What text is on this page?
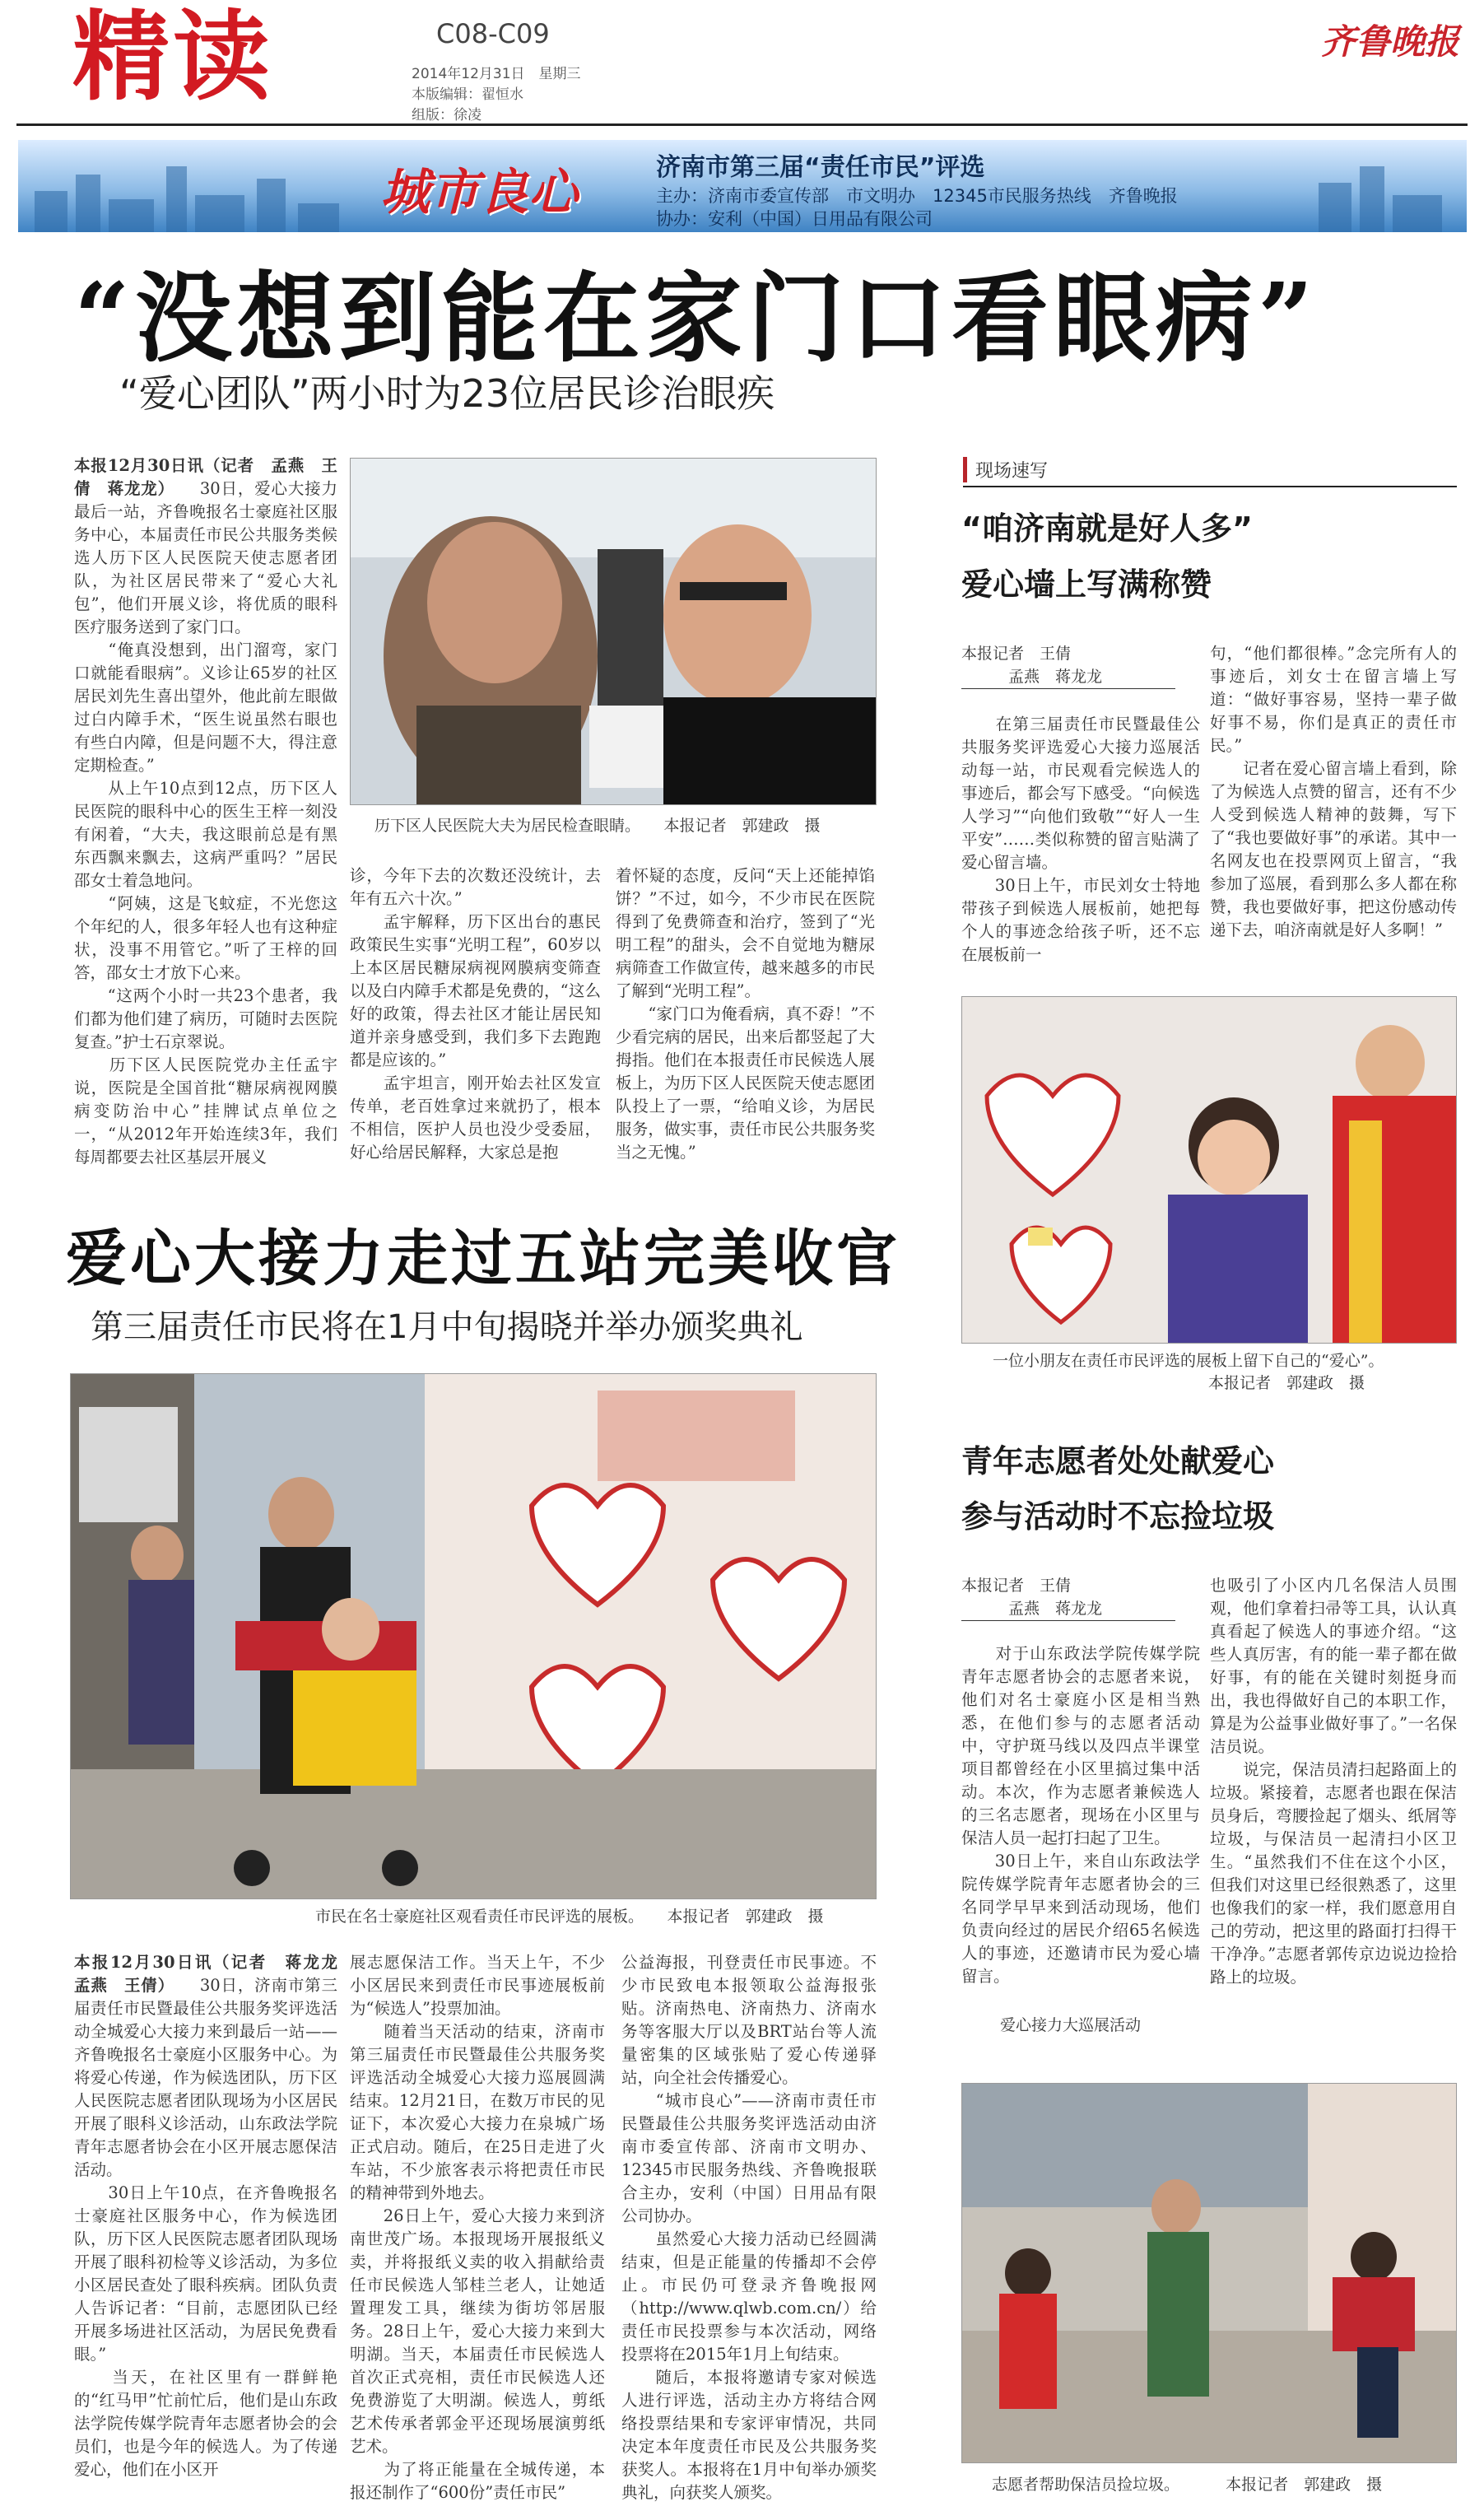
精读	C08-C09
2014年12月31日　星期三
本版编辑：翟恒水
组版：徐凌
齐鲁晚报
城市良心	济南市第三届“责任市民”评选
主办：济南市委宣传部　市文明办　12345市民服务热线　齐鲁晚报
协办：安利（中国）日用品有限公司
“没想到能在家门口看眼病”
“爱心团队”两小时为23位居民诊治眼疾
本报12月30日讯（记者　孟燕　王倩　蒋龙龙）　　30日，爱心大接力最后一站，齐鲁晚报名士豪庭社区服务中心，本届责任市民公共服务类候选人历下区人民医院天使志愿者团队，为社区居民带来了“爱心大礼包”，他们开展义诊，将优质的眼科医疗服务送到了家门口。
　　“俺真没想到，出门溜弯，家门口就能看眼病”。义诊让65岁的社区居民刘先生喜出望外，他此前左眼做过白内障手术，“医生说虽然右眼也有些白内障，但是问题不大，得注意定期检查。”
　　从上午10点到12点，历下区人民医院的眼科中心的医生王梓一刻没有闲着，“大夫，我这眼前总是有黑东西飘来飘去，这病严重吗？”居民邵女士着急地问。
　　“阿姨，这是飞蚊症，不光您这个年纪的人，很多年轻人也有这种症状，没事不用管它。”听了王梓的回答，邵女士才放下心来。
　　“这两个小时一共23个患者，我们都为他们建了病历，可随时去医院复查。”护士石京翠说。
　　历下区人民医院党办主任孟宇说，医院是全国首批“糖尿病视网膜病变防治中心”挂牌试点单位之一，“从2012年开始连续3年，我们每周都要去社区基层开展义
历下区人民医院大夫为居民检查眼睛。　　本报记者　郭建政　摄
诊，今年下去的次数还没统计，去年有五六十次。”
　　孟宇解释，历下区出台的惠民政策民生实事“光明工程”，60岁以上本区居民糖尿病视网膜病变筛查以及白内障手术都是免费的，“这么好的政策，得去社区才能让居民知道并亲身感受到，我们多下去跑跑都是应该的。”
　　孟宇坦言，刚开始去社区发宣传单，老百姓拿过来就扔了，根本不相信，医护人员也没少受委屈，好心给居民解释，大家总是抱
着怀疑的态度，反问“天上还能掉馅饼？”不过，如今，不少市民在医院得到了免费筛查和治疗，签到了“光明工程”的甜头，会不自觉地为糖尿病筛查工作做宣传，越来越多的市民了解到“光明工程”。
　　“家门口为俺看病，真不孬！”不少看完病的居民，出来后都竖起了大拇指。他们在本报责任市民候选人展板上，为历下区人民医院天使志愿团队投上了一票，“给咱义诊，为居民服务，做实事，责任市民公共服务奖当之无愧。”
爱心大接力走过五站完美收官
第三届责任市民将在1月中旬揭晓并举办颁奖典礼
市民在名士豪庭社区观看责任市民评选的展板。　　本报记者　郭建政　摄
本报12月30日讯（记者　蒋龙龙　孟燕　王倩）　　30日，济南市第三届责任市民暨最佳公共服务奖评选活动全城爱心大接力来到最后一站——齐鲁晚报名士豪庭小区服务中心。为将爱心传递，作为候选团队，历下区人民医院志愿者团队现场为小区居民开展了眼科义诊活动，山东政法学院青年志愿者协会在小区开展志愿保洁活动。
　　30日上午10点，在齐鲁晚报名士豪庭社区服务中心，作为候选团队，历下区人民医院志愿者团队现场开展了眼科初检等义诊活动，为多位小区居民查处了眼科疾病。团队负责人告诉记者：“目前，志愿团队已经开展多场进社区活动，为居民免费看眼。”
　　当天，在社区里有一群鲜艳的“红马甲”忙前忙后，他们是山东政法学院传媒学院青年志愿者协会的会员们，也是今年的候选人。为了传递爱心，他们在小区开
展志愿保洁工作。当天上午，不少小区居民来到责任市民事迹展板前为“候选人”投票加油。
　　随着当天活动的结束，济南市第三届责任市民暨最佳公共服务奖评选活动全城爱心大接力巡展圆满结束。12月21日，在数万市民的见证下，本次爱心大接力在泉城广场正式启动。随后，在25日走进了火车站，不少旅客表示将把责任市民的精神带到外地去。
　　26日上午，爱心大接力来到济南世茂广场。本报现场开展报纸义卖，并将报纸义卖的收入捐献给责任市民候选人邹桂兰老人，让她适置理发工具，继续为街坊邻居服务。28日上午，爱心大接力来到大明湖。当天，本届责任市民候选人首次正式亮相，责任市民候选人还免费游览了大明湖。候选人，剪纸艺术传承者郭金平还现场展演剪纸艺术。
　　为了将正能量在全城传递，本报还制作了“600份”责任市民”
公益海报，刊登责任市民事迹。不少市民致电本报领取公益海报张贴。济南热电、济南热力、济南水务等客服大厅以及BRT站台等人流量密集的区域张贴了爱心传递驿站，向全社会传播爱心。
　　“城市良心”——济南市责任市民暨最佳公共服务奖评选活动由济南市委宣传部、济南市文明办、12345市民服务热线、齐鲁晚报联合主办，安利（中国）日用品有限公司协办。
　　虽然爱心大接力活动已经圆满结束，但是正能量的传播却不会停止。市民仍可登录齐鲁晚报网（http://www.qlwb.com.cn/）给责任市民投票参与本次活动，网络投票将在2015年1月上旬结束。
　　随后，本报将邀请专家对候选人进行评选，活动主办方将结合网络投票结果和专家评审情况，共同决定本年度责任市民及公共服务奖获奖人。本报将在1月中旬举办颁奖典礼，向获奖人颁奖。
现场速写
“咱济南就是好人多”
爱心墙上写满称赞
本报记者　王倩
　　　孟燕　蒋龙龙
　　在第三届责任市民暨最佳公共服务奖评选爱心大接力巡展活动每一站，市民观看完候选人的事迹后，都会写下感受。“向候选人学习”“向他们致敬”“好人一生平安”……类似称赞的留言贴满了爱心留言墙。
　　30日上午，市民刘女士特地带孩子到候选人展板前，她把每个人的事迹念给孩子听，还不忘在展板前一
句，“他们都很棒。”念完所有人的事迹后，刘女士在留言墙上写道：“做好事容易，坚持一辈子做好事不易，你们是真正的责任市民。”
　　记者在爱心留言墙上看到，除了为候选人点赞的留言，还有不少人受到候选人精神的鼓舞，写下了“我也要做好事”的承诺。其中一名网友也在投票网页上留言，“我参加了巡展，看到那么多人都在称赞，我也要做好事，把这份感动传递下去，咱济南就是好人多啊！”
　　一位小朋友在责任市民评选的展板上留下自己的“爱心”。
本报记者　郭建政　摄
青年志愿者处处献爱心
参与活动时不忘捡垃圾
本报记者　王倩
　　　孟燕　蒋龙龙
　　对于山东政法学院传媒学院青年志愿者协会的志愿者来说，他们对名士豪庭小区是相当熟悉，在他们参与的志愿者活动中，守护斑马线以及四点半课堂项目都曾经在小区里搞过集中活动。本次，作为志愿者兼候选人的三名志愿者，现场在小区里与保洁人员一起打扫起了卫生。
　　30日上午，来自山东政法学院传媒学院青年志愿者协会的三名同学早早来到活动现场，他们负责向经过的居民介绍65名候选人的事迹，还邀请市民为爱心墙留言。
也吸引了小区内几名保洁人员围观，他们拿着扫帚等工具，认认真真看起了候选人的事迹介绍。“这些人真厉害，有的能一辈子都在做好事，有的能在关键时刻挺身而出，我也得做好自己的本职工作，算是为公益事业做好事了。”一名保洁员说。
　　说完，保洁员清扫起路面上的垃圾。紧接着，志愿者也跟在保洁员身后，弯腰捡起了烟头、纸屑等垃圾，与保洁员一起清扫小区卫生。“虽然我们不住在这个小区，但我们对这里已经很熟悉了，这里也像我们的家一样，我们愿意用自己的劳动，把这里的路面打扫得干干净净。”志愿者郭传京边说边捡拾路上的垃圾。
爱心接力大巡展活动
志愿者帮助保洁员捡垃圾。	本报记者　郭建政　摄
